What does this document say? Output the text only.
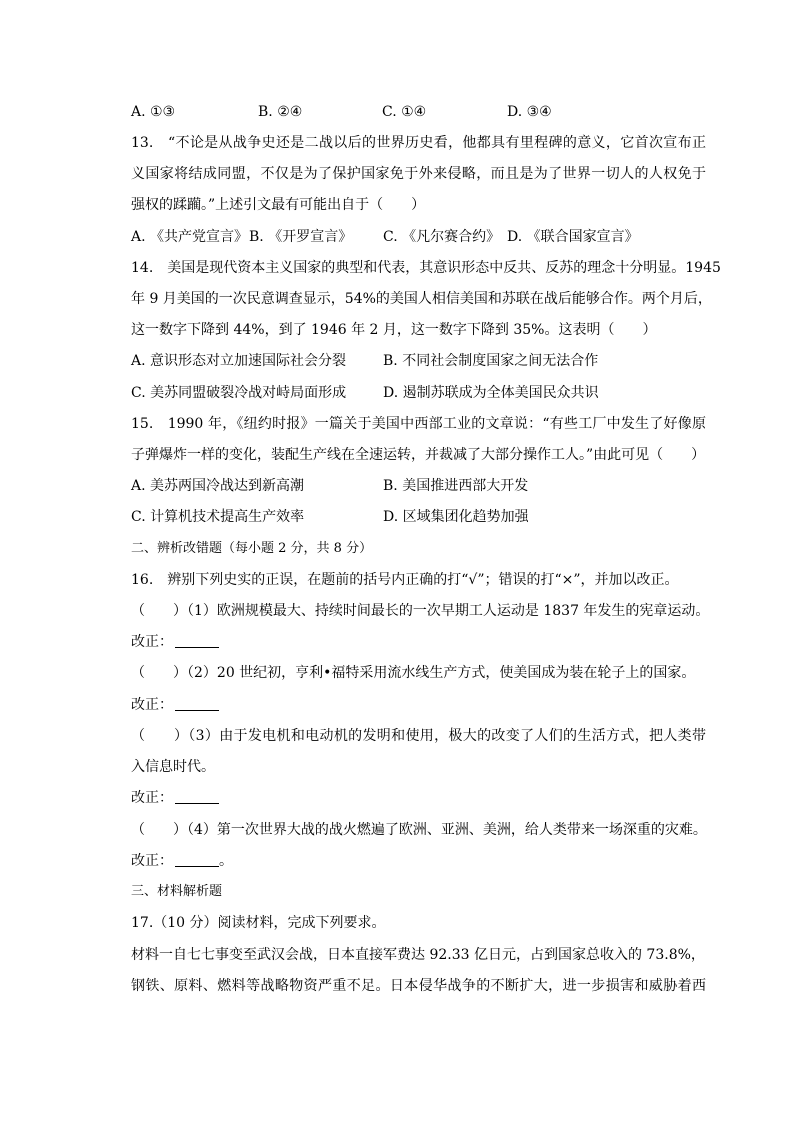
A. ①③	B. ②④	C. ①④	D. ③④
13.　“不论是从战争史还是二战以后的世界历史看，他都具有里程碑的意义，它首次宣布正
义国家将结成同盟，不仅是为了保护国家免于外来侵略，而且是为了世界一切人的人权免于
强权的蹂躏。”上述引文最有可能出自于（　　）
A. 《共产党宣言》 B. 《开罗宣言》 C. 《凡尔赛合约》 D. 《联合国家宣言》
14.　美国是现代资本主义国家的典型和代表，其意识形态中反共、反苏的理念十分明显。1945
年 9 月美国的一次民意调查显示，54%的美国人相信美国和苏联在战后能够合作。两个月后，
这一数字下降到 44%，到了 1946 年 2 月，这一数字下降到 35%。这表明（　　）
A. 意识形态对立加速国际社会分裂	B. 不同社会制度国家之间无法合作
C. 美苏同盟破裂冷战对峙局面形成	D. 遏制苏联成为全体美国民众共识
15.　1990 年，《纽约时报》一篇关于美国中西部工业的文章说：“有些工厂中发生了好像原
子弹爆炸一样的变化，装配生产线在全速运转，并裁减了大部分操作工人。”由此可见（　　）
A. 美苏两国冷战达到新高潮	B. 美国推进西部大开发
C. 计算机技术提高生产效率	D. 区域集团化趋势加强
二、辨析改错题（每小题 2 分，共 8 分）
16.　辨别下列史实的正误，在题前的括号内正确的打“√”；错误的打“×”，并加以改正。
（　　）（1）欧洲规模最大、持续时间最长的一次早期工人运动是 1837 年发生的宪章运动。
改正：
（　　）（2）20 世纪初，亨利•福特采用流水线生产方式，使美国成为装在轮子上的国家。
改正：
（　　）（3）由于发电机和电动机的发明和使用，极大的改变了人们的生活方式，把人类带
入信息时代。
改正：
（　　）（4）第一次世界大战的战火燃遍了欧洲、亚洲、美洲，给人类带来一场深重的灾难。
改正：	。
三、材料解析题
17.（10 分）阅读材料，完成下列要求。
材料一自七七事变至武汉会战，日本直接军费达 92.33 亿日元，占到国家总收入的 73.8%，
钢铁、原料、燃料等战略物资严重不足。日本侵华战争的不断扩大，进一步损害和威胁着西
